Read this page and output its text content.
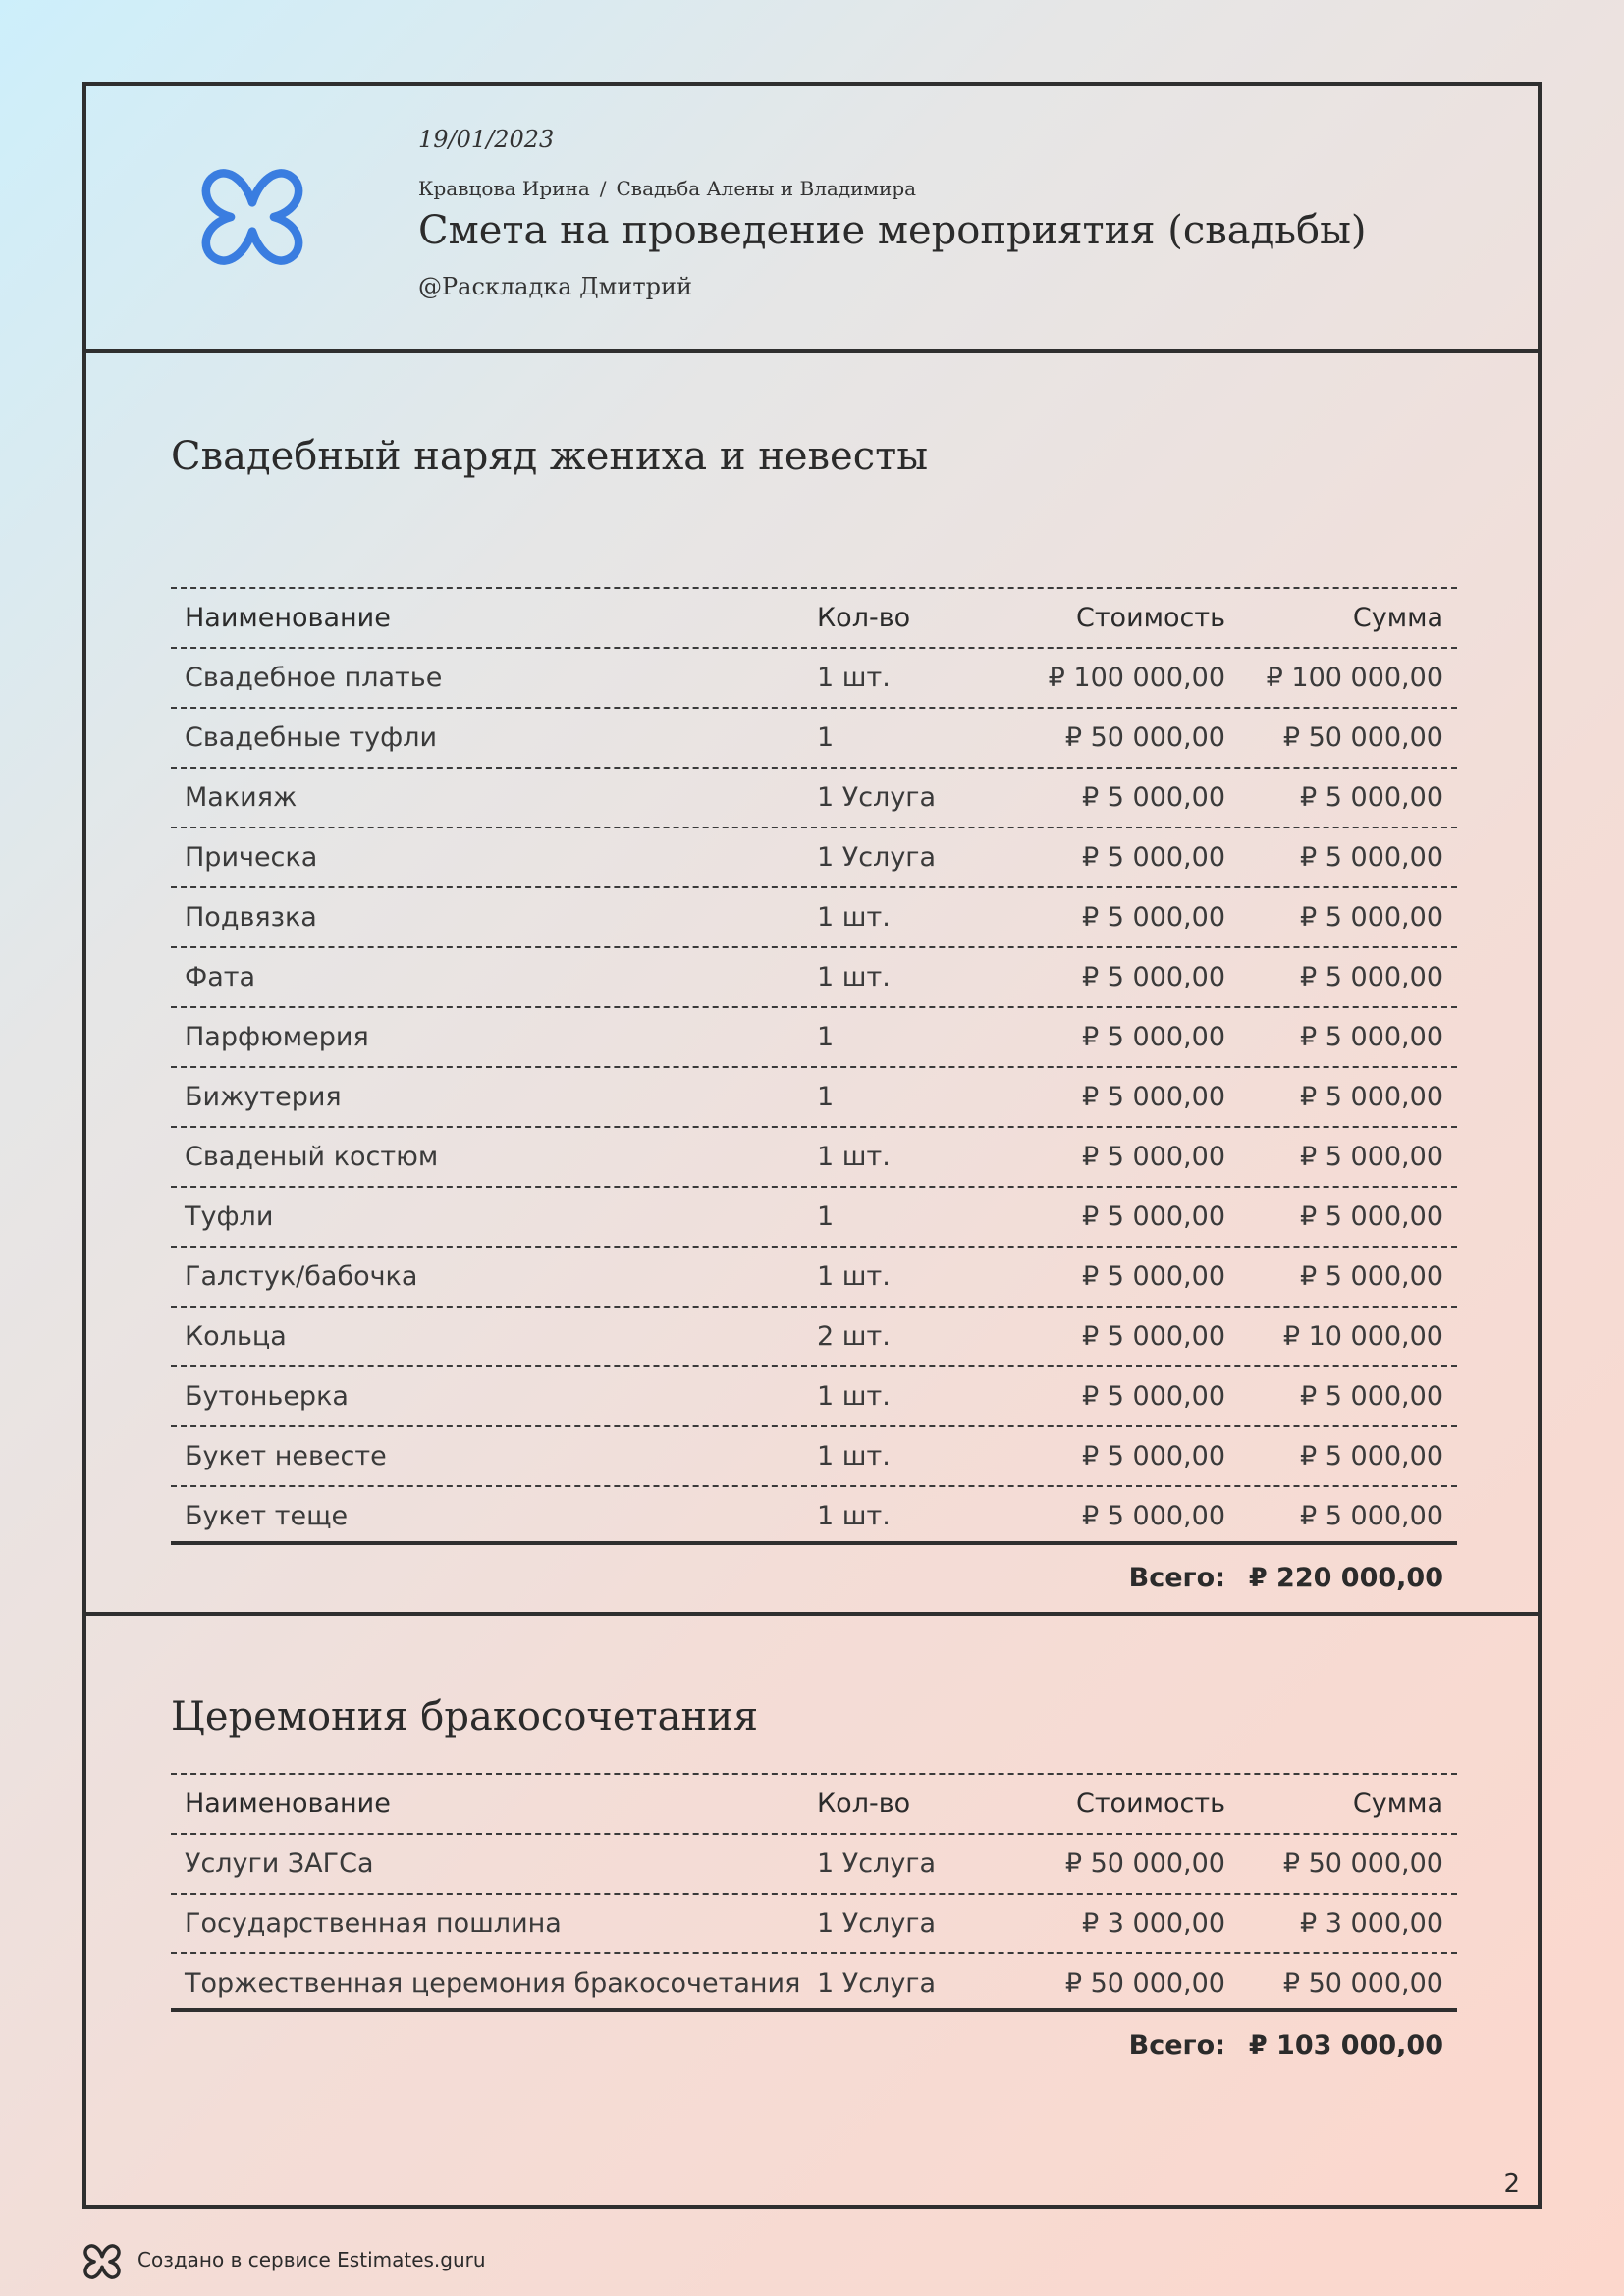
19/01/2023
Кравцова Ирина / Свадьба Алены и Владимира
Смета на проведение мероприятия (свадьбы)
@Раскладка Дмитрий
Свадебный наряд жениха и невесты
Наименование	Кол-во	Стоимость	Сумма
Свадебное платье	1 шт.	₽ 100 000,00 ₽ 100 000,00
Свадебные туфли	1	₽ 50 000,00 ₽ 50 000,00
Макияж	1 Услуга	₽ 5 000,00	₽ 5 000,00
Прическа	1 Услуга	₽ 5 000,00	₽ 5 000,00
Подвязка	1 шт.	₽ 5 000,00	₽ 5 000,00
Фата	1 шт.	₽ 5 000,00	₽ 5 000,00
Парфюмерия	1	₽ 5 000,00	₽ 5 000,00
Бижутерия	1	₽ 5 000,00	₽ 5 000,00
Сваденый костюм	1 шт.	₽ 5 000,00	₽ 5 000,00
Туфли	1	₽ 5 000,00	₽ 5 000,00
Галстук/бабочка	1 шт.	₽ 5 000,00	₽ 5 000,00
Кольца	2 шт.	₽ 5 000,00 ₽ 10 000,00
Бутоньерка	1 шт.	₽ 5 000,00	₽ 5 000,00
Букет невесте	1 шт.	₽ 5 000,00	₽ 5 000,00
Букет теще	1 шт.	₽ 5 000,00	₽ 5 000,00
Всего: ₽ 220 000,00
Церемония бракосочетания
Наименование	Кол-во	Стоимость	Сумма
Услуги ЗАГСа	1 Услуга	₽ 50 000,00 ₽ 50 000,00
Государственная пошлина	1 Услуга	₽ 3 000,00	₽ 3 000,00
Торжественная церемония бракосочетания 1 Услуга	₽ 50 000,00 ₽ 50 000,00
Всего: ₽ 103 000,00
2
Создано в сервисе Estimates.guru
